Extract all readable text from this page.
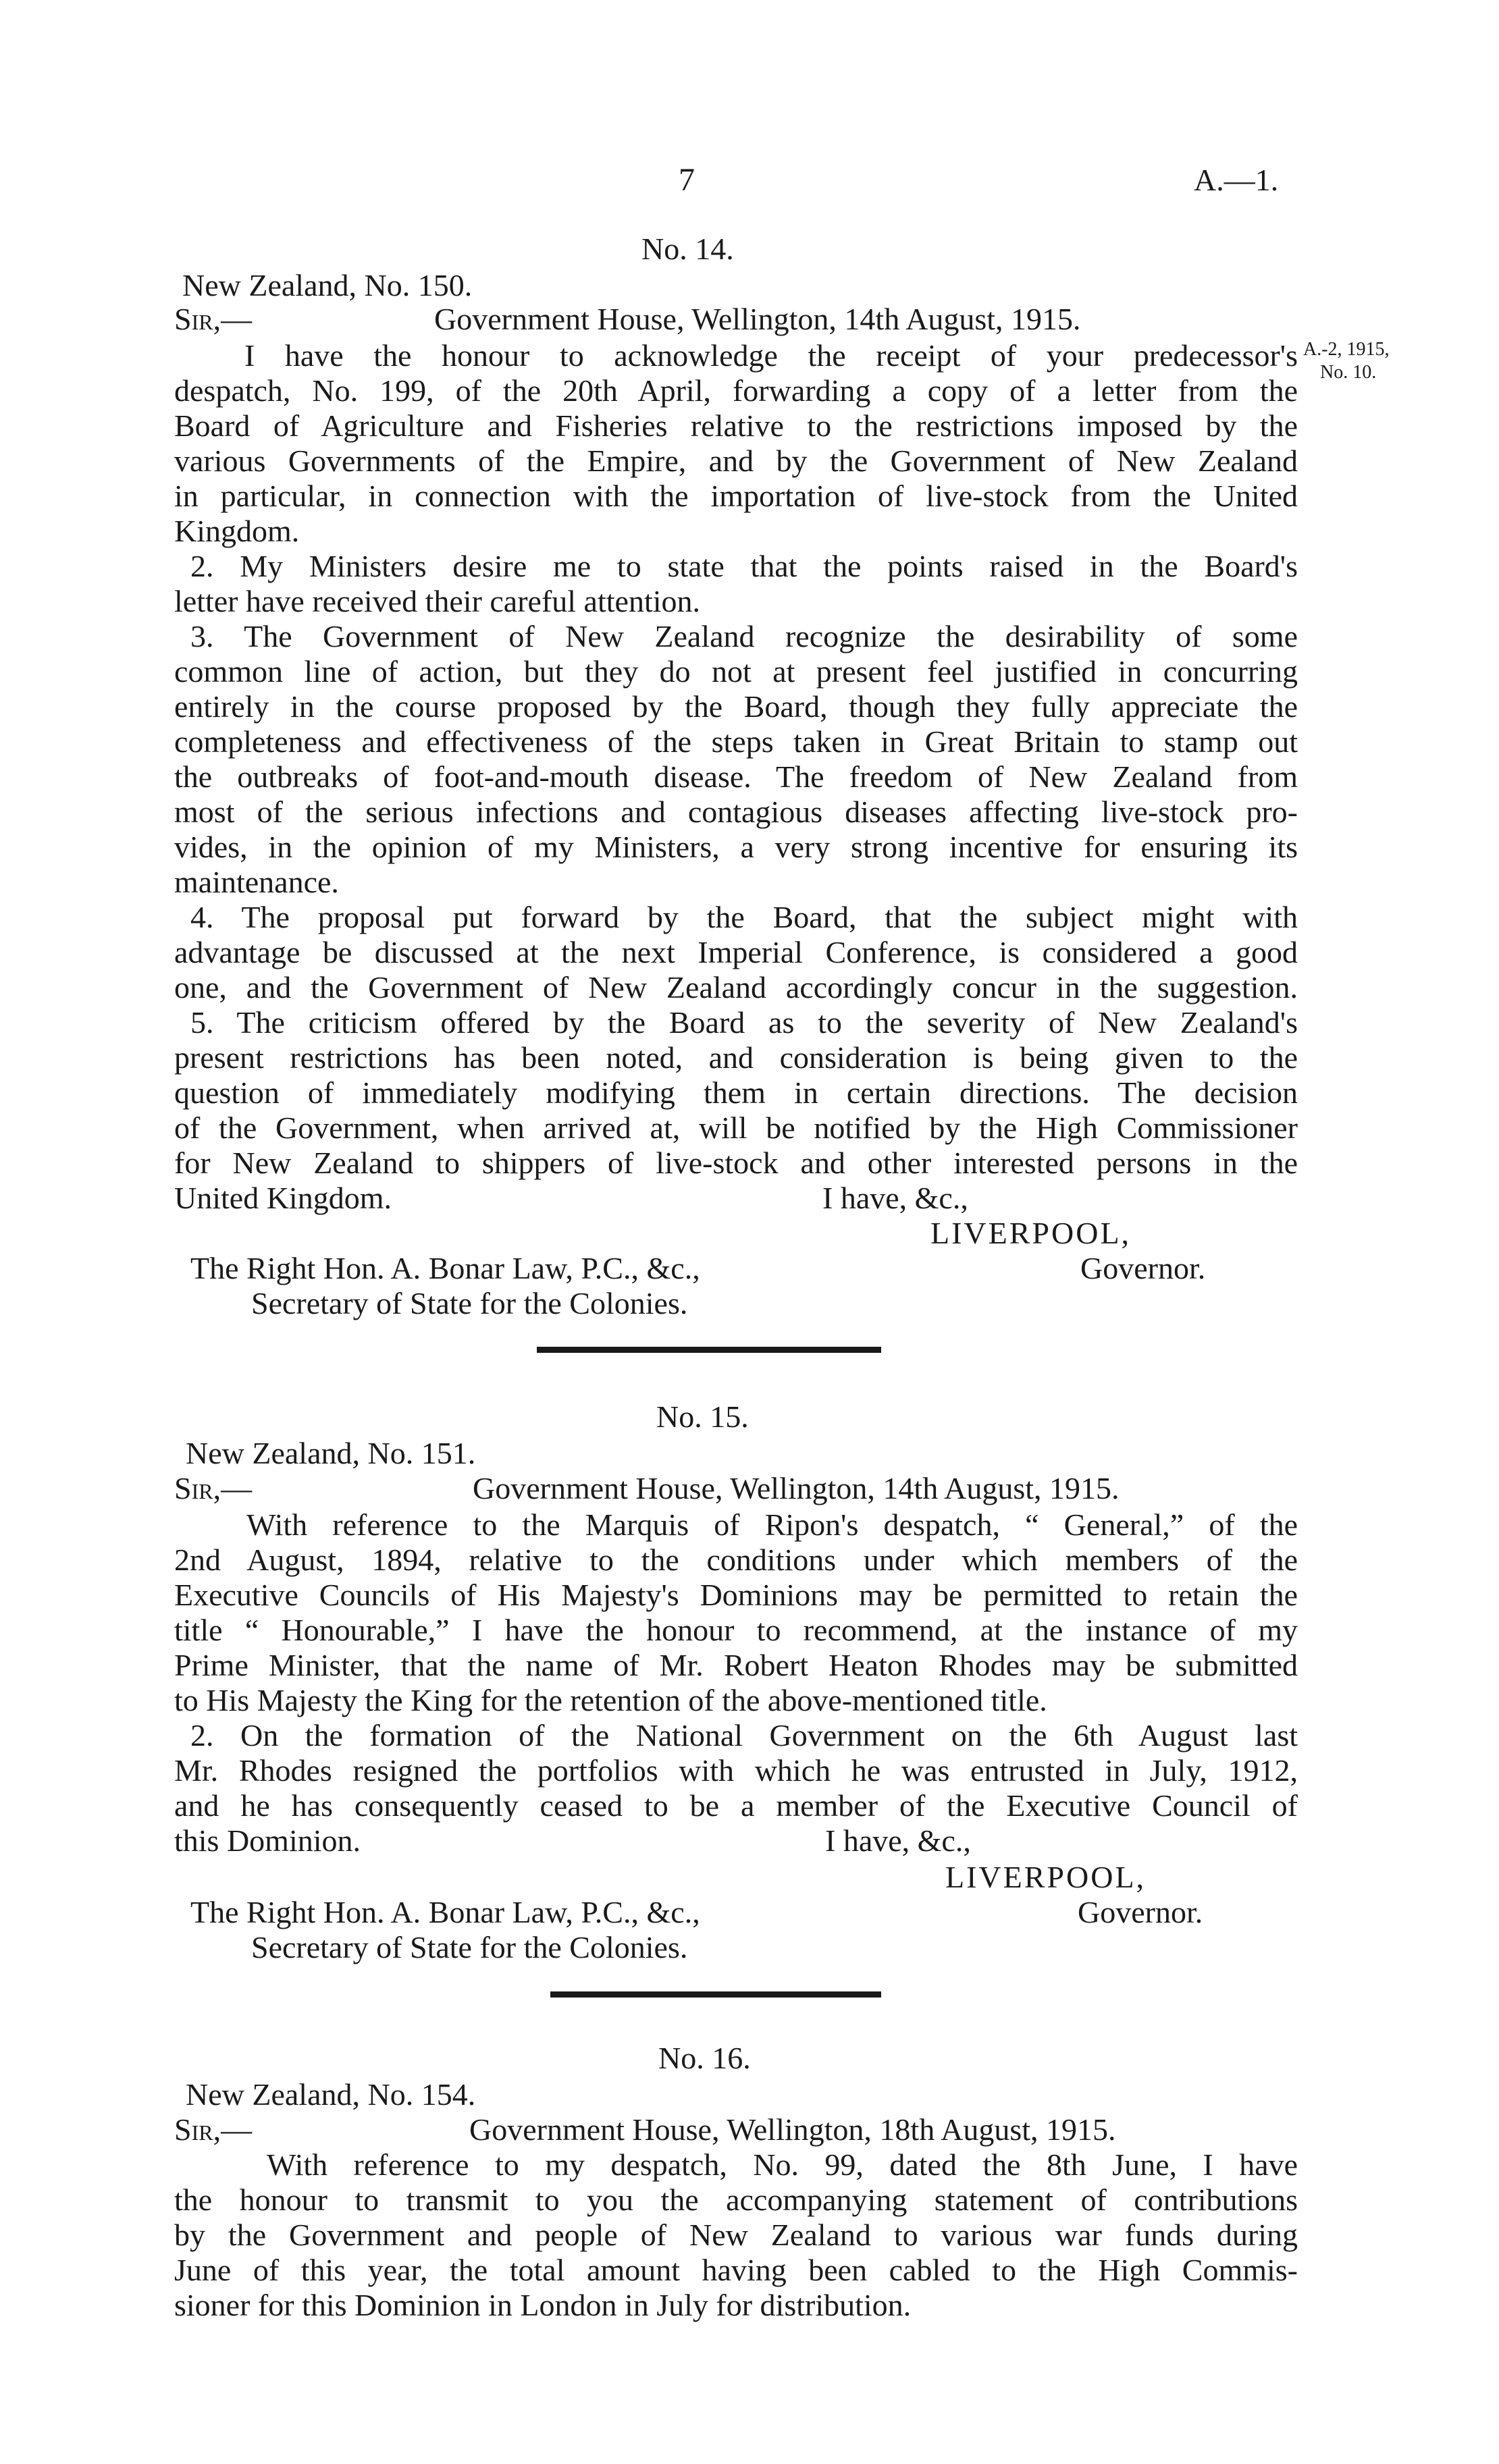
7	A.—1.
No. 14.
New Zealand, No. 150.
Sir,—	Government House, Wellington, 14th August, 1915.
A.-2, 1915,
No. 10.
I have the honour to acknowledge the receipt of your predecessor's
despatch, No. 199, of the 20th April, forwarding a copy of a letter from the
Board of Agriculture and Fisheries relative to the restrictions imposed by the
various Governments of the Empire, and by the Government of New Zealand
in particular, in connection with the importation of live-stock from the United
Kingdom.
2. My Ministers desire me to state that the points raised in the Board's
letter have received their careful attention.
3. The Government of New Zealand recognize the desirability of some
common line of action, but they do not at present feel justified in concurring
entirely in the course proposed by the Board, though they fully appreciate the
completeness and effectiveness of the steps taken in Great Britain to stamp out
the outbreaks of foot-and-mouth disease. The freedom of New Zealand from
most of the serious infections and contagious diseases affecting live-stock pro-
vides, in the opinion of my Ministers, a very strong incentive for ensuring its
maintenance.
4. The proposal put forward by the Board, that the subject might with
advantage be discussed at the next Imperial Conference, is considered a good
one, and the Government of New Zealand accordingly concur in the suggestion.
5. The criticism offered by the Board as to the severity of New Zealand's
present restrictions has been noted, and consideration is being given to the
question of immediately modifying them in certain directions. The decision
of the Government, when arrived at, will be notified by the High Commissioner
for New Zealand to shippers of live-stock and other interested persons in the
United Kingdom.	I have, &c.,
LIVERPOOL,
The Right Hon. A. Bonar Law, P.C., &c.,	Governor.
Secretary of State for the Colonies.
No. 15.
New Zealand, No. 151.
Sir,—	Government House, Wellington, 14th August, 1915.
With reference to the Marquis of Ripon's despatch, “ General,” of the
2nd August, 1894, relative to the conditions under which members of the
Executive Councils of His Majesty's Dominions may be permitted to retain the
title “ Honourable,” I have the honour to recommend, at the instance of my
Prime Minister, that the name of Mr. Robert Heaton Rhodes may be submitted
to His Majesty the King for the retention of the above-mentioned title.
2. On the formation of the National Government on the 6th August last
Mr. Rhodes resigned the portfolios with which he was entrusted in July, 1912,
and he has consequently ceased to be a member of the Executive Council of
this Dominion.	I have, &c.,
LIVERPOOL,
The Right Hon. A. Bonar Law, P.C., &c.,	Governor.
Secretary of State for the Colonies.
No. 16.
New Zealand, No. 154.
Sir,—	Government House, Wellington, 18th August, 1915.
With reference to my despatch, No. 99, dated the 8th June, I have
the honour to transmit to you the accompanying statement of contributions
by the Government and people of New Zealand to various war funds during
June of this year, the total amount having been cabled to the High Commis-
sioner for this Dominion in London in July for distribution.
